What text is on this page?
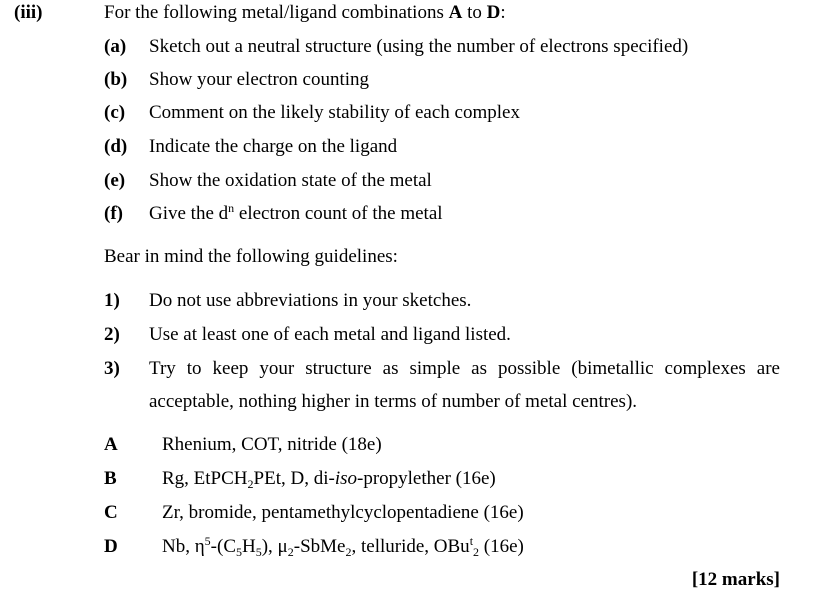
(iii)	For the following metal/ligand combinations A to D:
(a) Sketch out a neutral structure (using the number of electrons specified)
(b) Show your electron counting
(c) Comment on the likely stability of each complex
(d) Indicate the charge on the ligand
(e) Show the oxidation state of the metal
(f) Give the $d^n$ electron count of the metal
Bear in mind the following guidelines:
1) Do not use abbreviations in your sketches.
2) Use at least one of each metal and ligand listed.
3) Try to keep your structure as simple as possible (bimetallic complexes are
acceptable, nothing higher in terms of number of metal centres).
A Rhenium, COT, nitride (18e)
B Rg, EtPCH$_2$PEt, D, di-iso-propylether (16e)
C Zr, bromide, pentamethylcyclopentadiene (16e)
D Nb, $\eta^5-(C_5H_5)$, $\mu_2-SbMe_2$, telluride, OBu$^t_2$ (16e)
[12 marks]
